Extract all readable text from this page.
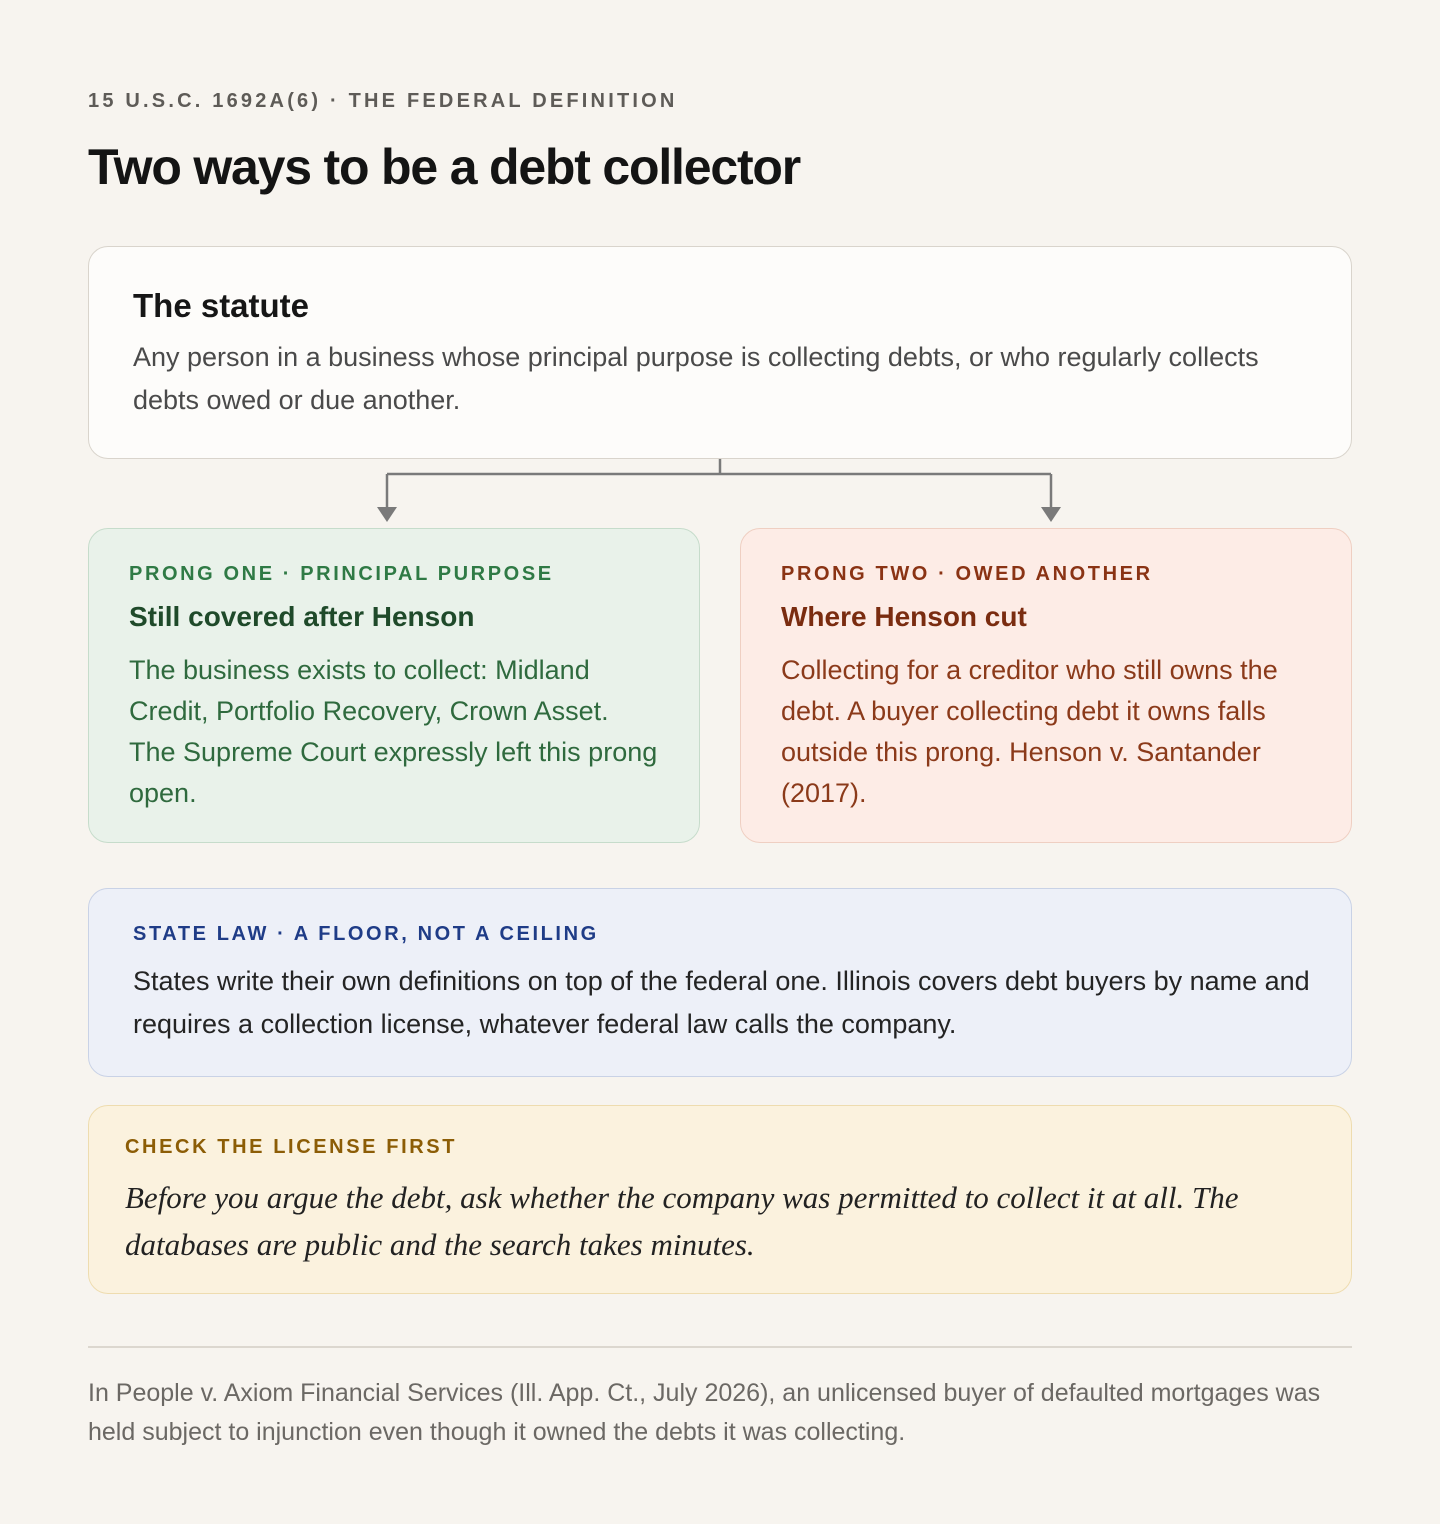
15 U.S.C. 1692A(6) · THE FEDERAL DEFINITION
Two ways to be a debt collector
The statute
Any person in a business whose principal purpose is collecting debts, or who regularly collects debts owed or due another.
PRONG ONE · PRINCIPAL PURPOSE
Still covered after Henson
The business exists to collect: Midland Credit, Portfolio Recovery, Crown Asset. The Supreme Court expressly left this prong open.
PRONG TWO · OWED ANOTHER
Where Henson cut
Collecting for a creditor who still owns the debt. A buyer collecting debt it owns falls outside this prong. Henson v. Santander (2017).
STATE LAW · A FLOOR, NOT A CEILING
States write their own definitions on top of the federal one. Illinois covers debt buyers by name and requires a collection license, whatever federal law calls the company.
CHECK THE LICENSE FIRST
Before you argue the debt, ask whether the company was permitted to collect it at all. The databases are public and the search takes minutes.
In People v. Axiom Financial Services (Ill. App. Ct., July 2026), an unlicensed buyer of defaulted mortgages was held subject to injunction even though it owned the debts it was collecting.
